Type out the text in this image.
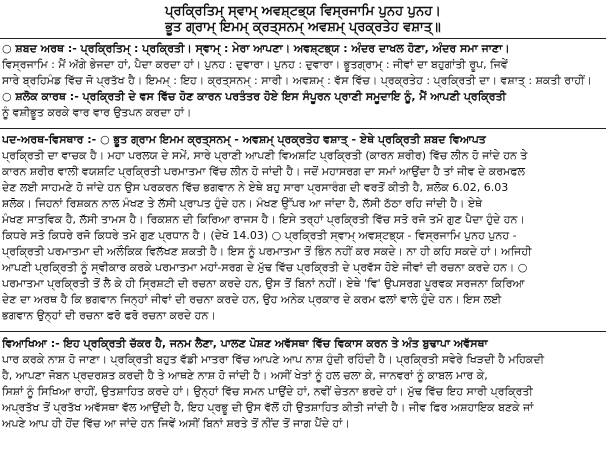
ਪ੍ਰਕ੍ਰਿਤਿਮ੍ ਸ੍ਵਾਮ੍ ਅਵਸ਼੍ਟਭ੍ਯ ਵਿਸ੍ਰਜਾਮਿ ਪੁਨਹ ਪੁਨਹ।

ਭੂਤ ਗ੍ਰਾਮ੍ ਇਮਮ੍ ਕ੍ਰਤ੍ਸਨਮ੍ ਅਵਸ਼ਮ੍ ਪ੍ਰਕ੍ਰਤੇਹ ਵਸ਼ਾਤ੍॥

○ ਸ਼ਬਦ ਅਰਥ :- ਪ੍ਰਕ੍ਰਿਤਿਮ੍ : ਪ੍ਰਕ੍ਰਿਤੀ। ਸ੍ਵਾਮ੍ : ਮੇਰਾ ਆਪਣਾ। ਅਵਸ਼੍ਟਭ੍ਯ : ਅੰਦਰ ਦਾਖਲ ਹੋਣਾ, ਅੰਦਰ ਸਮਾ ਜਾਣਾ।
ਵਿਸ੍ਰਜਾਮਿ : ਮੈਂ ਅੱਗੇ ਭੇਜਦਾ ਹਾਂ, ਪੈਦਾ ਕਰਦਾ ਹਾਂ। ਪੁਨਹ : ਦੁਵਾਰਾ। ਪੁਨਹ : ਦੁਵਾਰਾ। ਭੂਤਗ੍ਰਾਮ੍ : ਜੀਵਾਂ ਦਾ ਬਹੁਗਾਂਤੀ ਰੂਪ, ਜਿਵੇਂ
ਸਾਰੇ ਬ੍ਰਹਿਮੰਡ ਵਿੱਚ ਜੋ ਪ੍ਰਤੱਖ ਹੈ। ਇਮਮ੍ : ਇਹ। ਕ੍ਰਤ੍ਸਨਮ੍ : ਸਾਰੀ। ਅਵਸ਼ਮ੍ : ਵੱਸ ਵਿੱਚ। ਪ੍ਰਕ੍ਰਤੇਹ : ਪ੍ਰਕ੍ਰਿਤੀ ਦਾ। ਵਸ਼ਾਤ੍ : ਸ਼ਕਤੀ ਰਾਹੀਂ।
○ ਸ਼ਲੋਕ ਕਾਰਥ :- ਪ੍ਰਕ੍ਰਿਤੀ ਦੇ ਵਸ ਵਿੱਚ ਹੋਣ ਕਾਰਨ ਪਰਤੰਤਰ ਹੋਏ ਇਸ ਸੰਪੂਰਨ ਪ੍ਰਾਣੀ ਸਮੂਦਾਇ ਨੂੰ, ਮੈਂ ਆਪਣੀ ਪ੍ਰਕ੍ਰਿਤੀ
ਨੂੰ ਵਸ਼ੀਭੂਤ ਕਰਕੇ ਵਾਰ ਵਾਰ ਉਤਪਨ ਕਰਦਾ ਹਾਂ।
ਪਦ-ਅਰਥ-ਵਿਸਥਾਰ :- ○ ਭੂਤ ਗ੍ਰਾਮ ਇਮਮ ਕ੍ਰਤ੍ਸਨਮ੍ - ਅਵਸ਼ਮ੍ ਪ੍ਰਕ੍ਰਤੇਹ ਵਸ਼ਾਤ੍ - ਏਥੇ ਪ੍ਰਕ੍ਰਿਤੀ ਸ਼ਬਦ ਵਿਆਪਤ
ਪ੍ਰਕ੍ਰਿਤੀ ਦਾ ਵਾਚਕ ਹੈ। ਮਹਾ ਪਰਲਯ ਦੇ ਸਮੇਂ, ਸਾਰੇ ਪ੍ਰਾਣੀ ਆਪਣੀ ਵਿਅਸ਼ਟਿ ਪ੍ਰਕ੍ਰਿਤੀ (ਕਾਰਨ ਸ਼ਰੀਰ) ਵਿੱਚ ਲੀਨ ਹੋ ਜਾਂਦੇ ਹਨ ਤੇ
ਕਾਰਨ ਸ਼ਰੀਰ ਵਾਲੀ ਵਯਸ਼ਟਿ ਪ੍ਰਕ੍ਰਿਤੀ ਪਰਮਾਤਮਾ ਵਿੱਚ ਲੀਨ ਹੋ ਜਾਂਦੀ ਹੈ। ਜਦੋਂ ਮਹਾਸਰਗ ਦਾ ਸਮਾਂ ਆਉਂਦਾ ਹੈ ਤਾਂ ਜੀਵ ਦੇ ਕਰਮਫਲ
ਦੇਣ ਲਈ ਸਾਹਮਣੇ ਹੋ ਜਾਂਦੇ ਹਨ ਉਸ ਪਰਕਰਨ ਵਿੱਚ ਭਗਵਾਨ ਨੇ ਏਥੇ ਬਹੁ ਸਾਰਾ ਪ੍ਰਸਾਰੰਗ ਦੀ ਵਰਤੋਂ ਕੀਤੀ ਹੈ, ਸ਼ਲੋਕ 6.02, 6.03
ਸ਼ਲੋਕ। ਜਿਹਨਾਂ ਰਿਸ਼ਕਨ ਨਾਲ ਮੰਖਣ ਤੇ ਲੱਸੀ ਪ੍ਰਾਪਤ ਹੁੰਦੇ ਹਨ। ਮੰਖਣ ਉੱਪਰ ਆ ਜਾਂਦਾ ਹੈ, ਲੱਸੀ ਠੱਠਾ ਰਹਿ ਜਾਂਦੀ ਹੈ। ਏਥੇ
ਮੰਖਣ ਸਾਤਵਿਕ ਹੈ, ਲੱਸੀ ਤਾਮਸ ਹੈ। ਰਿਕਸ਼ਨ ਦੀ ਕਿਰਿਆ ਰਾਜਸ ਹੈ। ਇਸੇ ਤਰ੍ਹਾਂ ਪ੍ਰਕ੍ਰਿਤੀ ਵਿੱਚ ਸਤੋ ਰਜੋ ਤਮੋ ਗੁਣ ਪੈਦਾ ਹੁੰਦੇ ਹਨ।
ਕਿਧਰੇ ਸਤੋ ਕਿਧਰੇ ਰਜੋ ਕਿਧਰੇ ਤਮੋ ਗੁਣ ਪ੍ਰਧਾਨ ਹੈ। (ਦੇਖੋ 14.03) ○ ਪ੍ਰਕ੍ਰਿਤੀ ਸ੍ਵਾਮ੍ ਅਵਸ਼੍ਟਭ੍ਯ - ਵਿਸ੍ਰਜਾਮਿ ਪੁਨਹ ਪੁਨਹ -
ਪ੍ਰਕ੍ਰਿਤੀ ਪਰਮਾਤਮਾ ਦੀ ਅਲੌਕਿਕ ਵਿਲੱਖਣ ਸ਼ਕਤੀ ਹੈ। ਇਸ ਨੂੰ ਪਰਮਾਤਮਾ ਤੋਂ ਭਿੰਨ ਨਹੀਂ ਕਰ ਸਕਦੇ। ਨਾ ਹੀ ਕਹਿ ਸਕਦੇ ਹਾਂ। ਅਜਿਹੀ
ਆਪਣੀ ਪ੍ਰਕ੍ਰਿਤੀ ਨੂੰ ਸ੍ਵੀਕਾਰ ਕਰਕੇ ਪਰਮਾਤਮਾ ਮਹਾਂ-ਸਰਗ ਦੇ ਮੁੱਢ ਵਿੱਚ ਪ੍ਰਕ੍ਰਿਤੀ ਦੇ ਪ੍ਰਵੱਸ ਹੋਏ ਜੀਵਾਂ ਦੀ ਰਚਨਾ ਕਰਦੇ ਹਨ। ○
ਪਰਮਾਤਮਾ ਪ੍ਰਕ੍ਰਿਤੀ ਤੋਂ ਲੈ ਕੇ ਹੀ ਸ੍ਰਿਸ਼ਟੀ ਦੀ ਰਚਨਾ ਕਰਦੇ ਹਨ, ਉਸ ਤੋਂ ਬਿਨਾਂ ਨਹੀਂ। ਏਥੇ 'ਵਿ' ਉਪਸਰਗ ਪੂਰਵਕ ਸਰਜਨਾ ਕਿਰਿਆ
ਦੇਣ ਦਾ ਅਰਥ ਹੈ ਕਿ ਭਗਵਾਨ ਜਿਨ੍ਹਾਂ ਜੀਵਾਂ ਦੀ ਰਚਨਾ ਕਰਦੇ ਹਨ, ਉਹ ਅਨੇਕ ਪ੍ਰਕਾਰ ਦੇ ਕਰਮ ਫਲਾਂ ਵਾਲੇ ਹੁੰਦੇ ਹਨ। ਇਸ ਲਈ
ਭਗਵਾਨ ਉਨ੍ਹਾਂ ਦੀ ਰਚਨਾ ਫਰੋ ਫਰੋ ਰਚਨਾ ਕਰਦੇ ਹਨ।
ਵਿਆਖਿਆ :- ਇਹ ਪ੍ਰਕ੍ਰਿਤੀ ਚੱਕਰ ਹੈ, ਜਨਮ ਲੈਣਾ, ਪਾਲਣ ਪੋਸ਼ਣ ਅਵੱਸਥਾ ਵਿੱਚ ਵਿਕਾਸ ਕਰਨ ਤੇ ਅੰਤ ਬੁਢਾਪਾ ਅਵੱਸਥਾ
ਪਾਰ ਕਰਕੇ ਨਾਸ਼ ਹੋ ਜਾਣਾ। ਪ੍ਰਕ੍ਰਿਤੀ ਬਹੁਤ ਵੱਡੀ ਮਾਤਰਾ ਵਿੱਚ ਆਪਣੇ ਆਪ ਨਾਸ਼ ਹੁੰਦੀ ਰਹਿੰਦੀ ਹੈ। ਪ੍ਰਕ੍ਰਿਤੀ ਸਵੇਰੇ ਖਿੜਦੀ ਹੈ ਮਹਿਕਦੀ
ਹੈ, ਆਪਣਾ ਜੋਬਨ ਪ੍ਰਦਰਸ਼ਤ ਕਰਦੀ ਹੈ ਤੇ ਆਥਣੇ ਨਾਸ਼ ਹੋ ਜਾਂਦੀ ਹੈ। ਅਸੀਂ ਖੇਤਾਂ ਨੂੰ ਹਲ ਚਲਾ ਕੇ, ਜਾਨਵਰਾਂ ਨੂੰ ਕਾਬਲ ਮਾਰ ਕੇ,
ਸਿਸ਼ਾਂ ਨੂੰ ਸਿਖਿਆ ਰਾਹੀਂ, ਉਤਸ਼ਾਹਿਤ ਕਰਦੇ ਹਾਂ। ਉਨ੍ਹਾਂ ਵਿੱਚ ਸਮਨ ਪਾਉਂਦੇ ਹਾਂ, ਨਵੀਂ ਚੇਤਨਾ ਭਰਦੇ ਹਾਂ। ਮੁੱਢ ਵਿੱਚ ਇਹ ਸਾਰੀ ਪ੍ਰਕ੍ਰਿਤੀ
ਅਪ੍ਰਤੱਖ ਤੋਂ ਪ੍ਰਤੱਖ ਅਵੱਸਥਾ ਵੱਲ ਆਉਂਦੀ ਹੈ, ਇਹ ਪ੍ਰਭੂ ਦੀ ਉਸ ਵੱਲੋਂ ਹੀ ਉਤਸ਼ਾਹਿਤ ਕੀਤੀ ਜਾਂਦੀ ਹੈ। ਜੀਵ ਫਿਰ ਅਸ਼ਹਾਇਕ ਬਣਕੇ ਜਾਂ
ਅਪਣੇ ਆਪ ਹੀ ਹੋਂਦ ਵਿੱਚ ਆ ਜਾਂਦੇ ਹਨ ਜਿਵੇਂ ਅਸੀਂ ਬਿਨਾਂ ਸ਼ਰਤੇ ਤੋਂ ਨੀਂਦ ਤੋਂ ਜਾਗ ਪੈਂਦੇ ਹਾਂ।
